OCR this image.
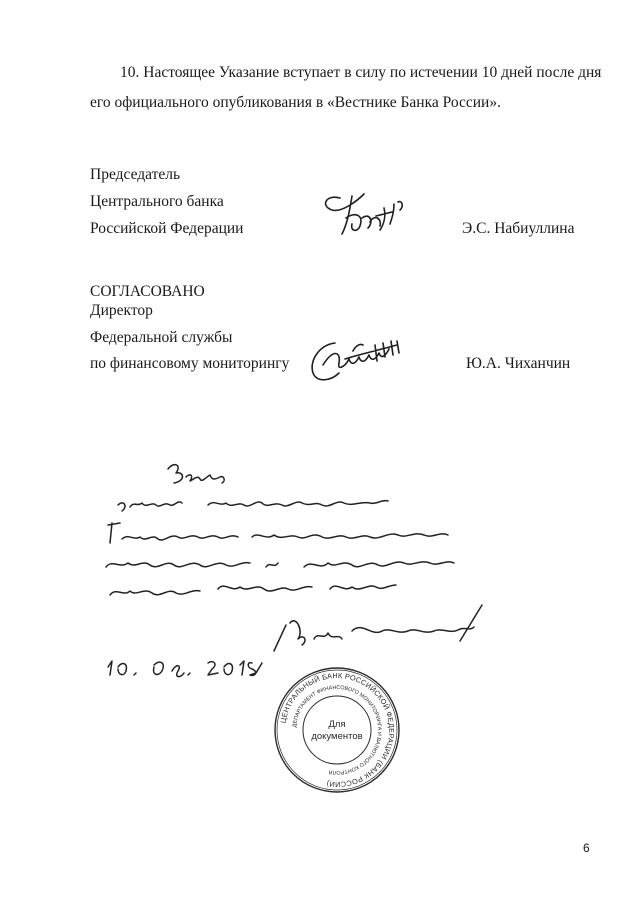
10. Настоящее Указание вступает в силу по истечении 10 дней после дня
его официального опубликования в «Вестнике Банка России».
Председатель
Центрального банка
Российской Федерации	Э.С. Набиуллина
СОГЛАСОВАНО
Директор
Федеральной службы
по финансовому мониторингу	Ю.А. Чиханчин
ЦЕНТРАЛЬНЫЙ БАНК РОССИЙСКОЙ ФЕДЕРАЦИИ (БАНК РОССИИ)
ДЕПАРТАМЕНТ ФИНАНСОВОГО МОНИТОРИНГА И ВАЛЮТНОГО КОНТРОЛЯ
Для
документов
6
